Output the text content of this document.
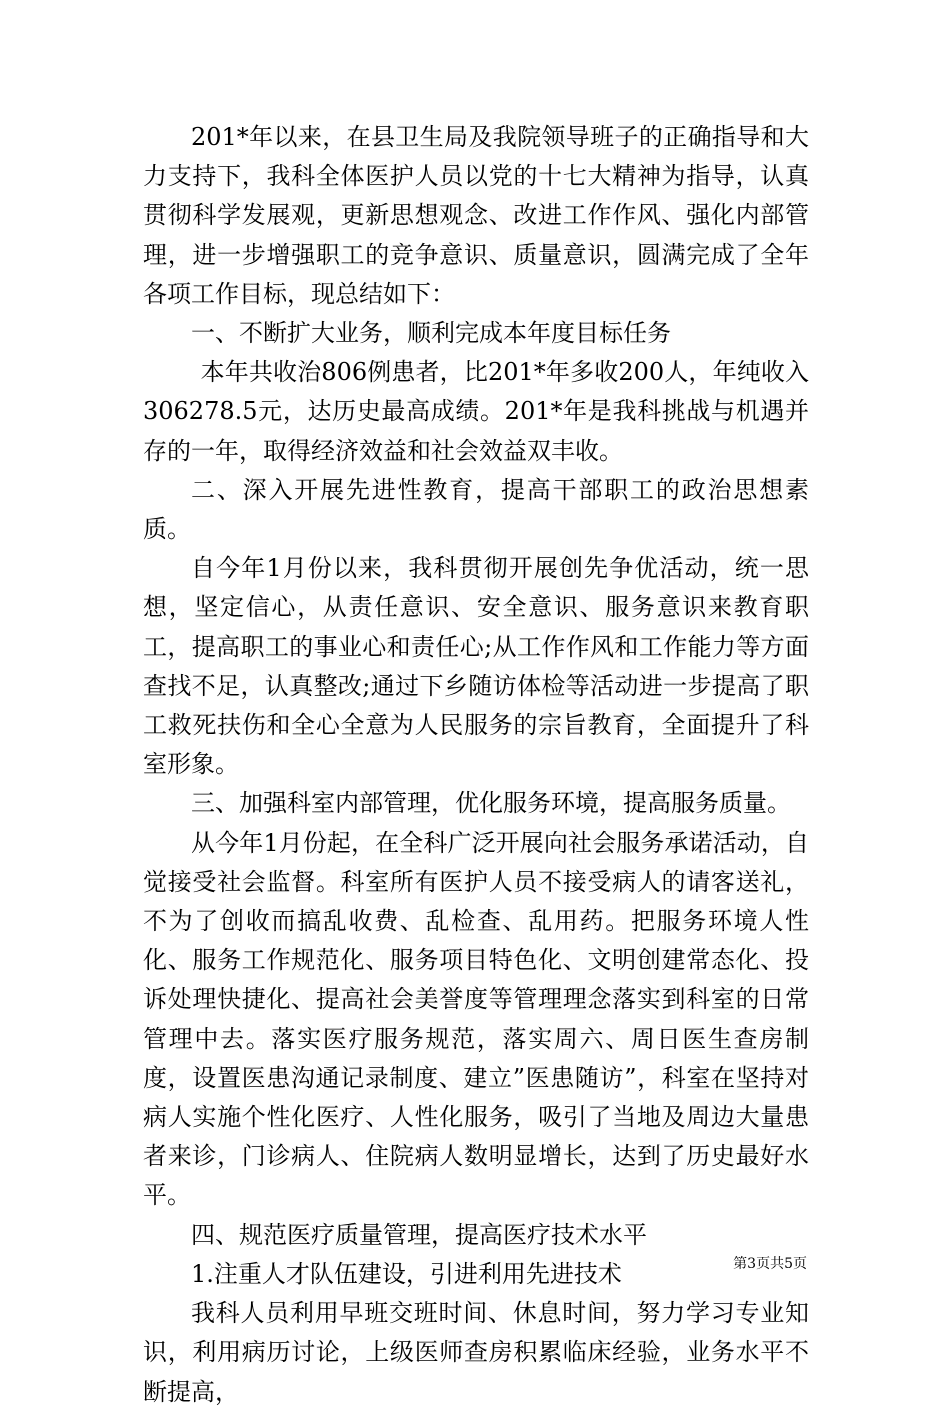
201*年以来，在县卫生局及我院领导班子的正确指导和大力支持下，我科全体医护人员以党的十七大精神为指导，认真贯彻科学发展观，更新思想观念、改进工作作风、强化内部管理，进一步增强职工的竞争意识、质量意识，圆满完成了全年各项工作目标，现总结如下：

一、不断扩大业务，顺利完成本年度目标任务

本年共收治806例患者，比201*年多收200人，年纯收入306278.5元，达历史最高成绩。201*年是我科挑战与机遇并存的一年，取得经济效益和社会效益双丰收。

二、深入开展先进性教育，提高干部职工的政治思想素质。

自今年1月份以来，我科贯彻开展创先争优活动，统一思想，坚定信心，从责任意识、安全意识、服务意识来教育职工，提高职工的事业心和责任心;从工作作风和工作能力等方面查找不足，认真整改;通过下乡随访体检等活动进一步提高了职工救死扶伤和全心全意为人民服务的宗旨教育，全面提升了科室形象。

三、加强科室内部管理，优化服务环境，提高服务质量。

从今年1月份起，在全科广泛开展向社会服务承诺活动，自觉接受社会监督。科室所有医护人员不接受病人的请客送礼，不为了创收而搞乱收费、乱检查、乱用药。把服务环境人性化、服务工作规范化、服务项目特色化、文明创建常态化、投诉处理快捷化、提高社会美誉度等管理理念落实到科室的日常管理中去。落实医疗服务规范，落实周六、周日医生查房制度，设置医患沟通记录制度、建立”医患随访”，科室在坚持对病人实施个性化医疗、人性化服务，吸引了当地及周边大量患者来诊，门诊病人、住院病人数明显增长，达到了历史最好水平。

四、规范医疗质量管理，提高医疗技术水平

1.注重人才队伍建设，引进利用先进技术

我科人员利用早班交班时间、休息时间，努力学习专业知识，利用病历讨论，上级医师查房积累临床经验，业务水平不断提高，

第3页共5页
